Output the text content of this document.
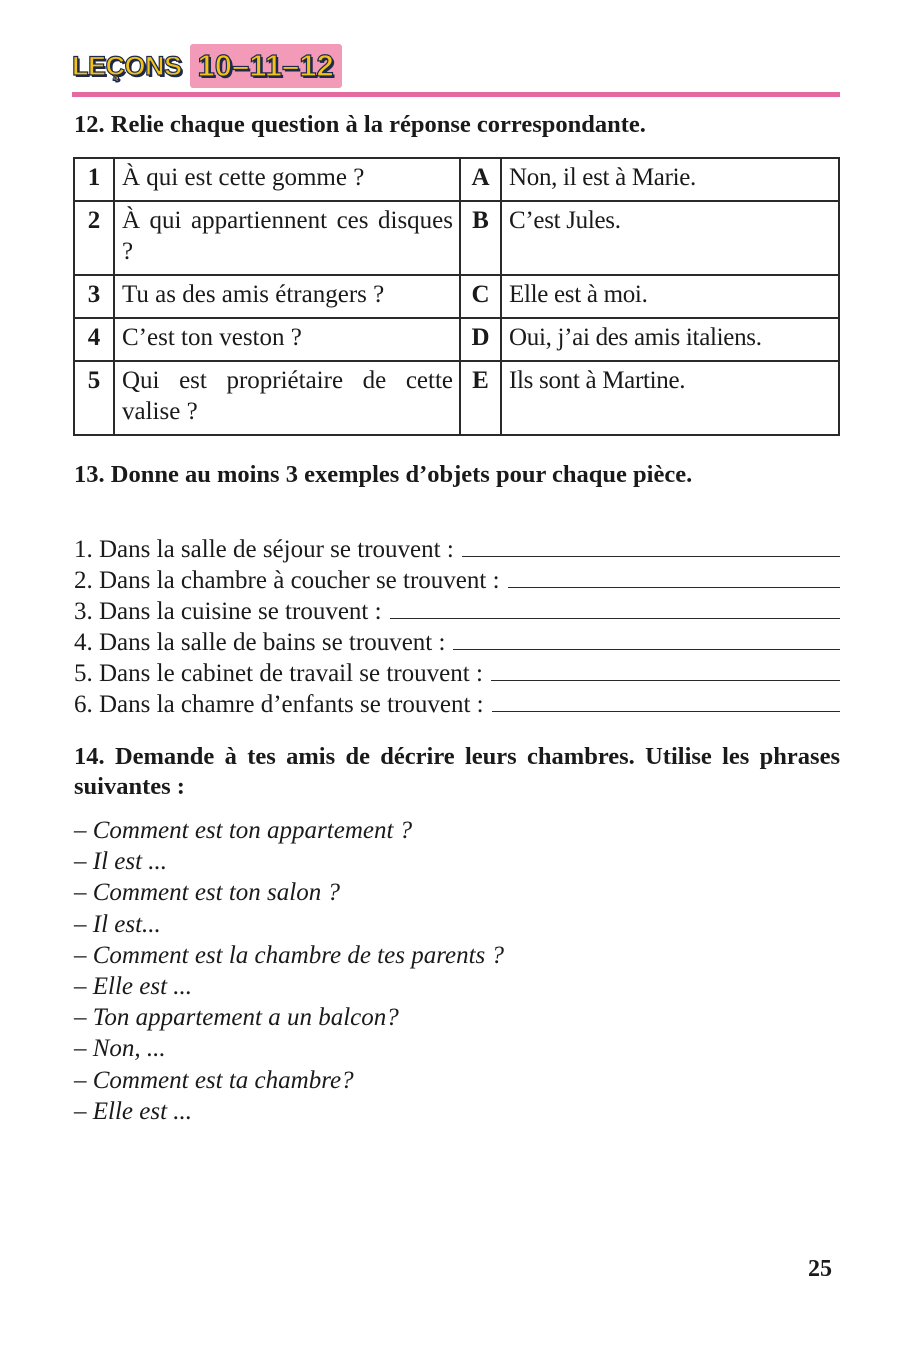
LEÇONS 10–11–12
12. Relie chaque question à la réponse correspondante.
1	À qui est cette gomme ?	A	Non, il est à Marie.
2	À qui appartiennent ces disques ?	B	C’est Jules.
3	Tu as des amis étrangers ?	C	Elle est à moi.
4	C’est ton veston ?	D	Oui, j’ai des amis italiens.
5	Qui est propriétaire de cette valise ?	E	Ils sont à Martine.
13. Donne au moins 3 exemples d’objets pour chaque pièce.
1. Dans la salle de séjour se trouvent :
2. Dans la chambre à coucher se trouvent :
3. Dans la cuisine se trouvent :
4. Dans la salle de bains se trouvent :
5. Dans le cabinet de travail se trouvent :
6. Dans la chamre d’enfants se trouvent :
14. Demande à tes amis de décrire leurs chambres. Utilise les phrases suivantes :
– Comment est ton appartement ?
– Il est ...
– Comment est ton salon ?
– Il est...
– Comment est la chambre de tes parents ?
– Elle est ...
– Ton appartement a un balcon?
– Non, ...
– Comment est ta chambre?
– Elle est ...
25
